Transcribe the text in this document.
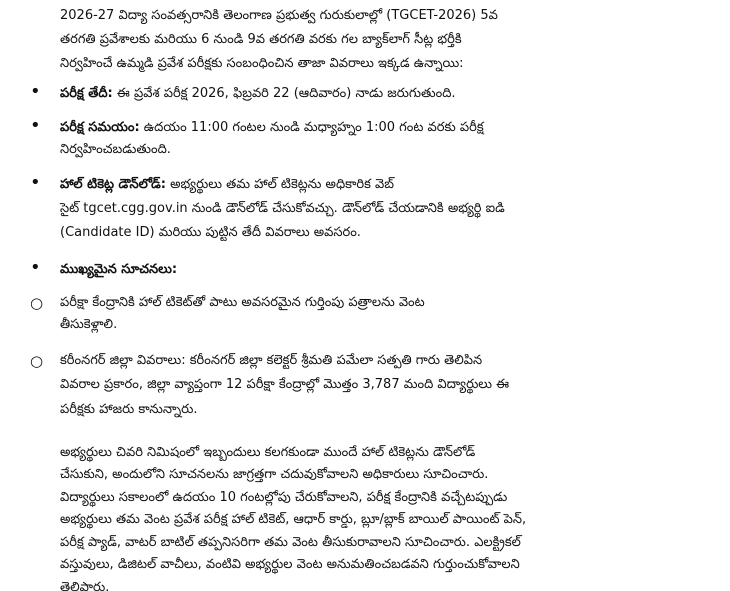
2026-27 విద్యా సంవత్సరానికి తెలంగాణ ప్రభుత్వ గురుకులాల్లో (TGCET-2026) 5వ
తరగతి ప్రవేశాలకు మరియు 6 నుండి 9వ తరగతి వరకు గల బ్యాక్‌లాగ్ సీట్ల భర్తీకి
నిర్వహించే ఉమ్మడి ప్రవేశ పరీక్షకు సంబంధించిన తాజా వివరాలు ఇక్కడ ఉన్నాయి:
• పరీక్ష తేదీ: ఈ ప్రవేశ పరీక్ష 2026, ఫిబ్రవరి 22 (ఆదివారం) నాడు జరుగుతుంది.
• పరీక్ష సమయం: ఉదయం 11:00 గంటల నుండి మధ్యాహ్నం 1:00 గంట వరకు పరీక్ష
నిర్వహించబడుతుంది.
• హాల్ టికెట్ల డౌన్‌లోడ్: అభ్యర్థులు తమ హాల్ టికెట్లను అధికారిక వెబ్
సైట్ tgcet.cgg.gov.in నుండి డౌన్‌లోడ్ చేసుకోవచ్చు. డౌన్‌లోడ్ చేయడానికి అభ్యర్థి ఐడి
(Candidate ID) మరియు పుట్టిన తేదీ వివరాలు అవసరం.
• ముఖ్యమైన సూచనలు:
○ పరీక్షా కేంద్రానికి హాల్ టికెట్‌తో పాటు అవసరమైన గుర్తింపు పత్రాలను వెంట
తీసుకెళ్లాలి.
○ కరీంనగర్ జిల్లా వివరాలు: కరీంనగర్ జిల్లా కలెక్టర్ శ్రీమతి పమేలా సత్పతి గారు తెలిపిన
వివరాల ప్రకారం, జిల్లా వ్యాప్తంగా 12 పరీక్షా కేంద్రాల్లో మొత్తం 3,787 మంది విద్యార్థులు ఈ
పరీక్షకు హాజరు కానున్నారు.
అభ్యర్థులు చివరి నిమిషంలో ఇబ్బందులు కలగకుండా ముందే హాల్ టికెట్లను డౌన్‌లోడ్
చేసుకుని, అందులోని సూచనలను జాగ్రత్తగా చదువుకోవాలని అధికారులు సూచించారు.
విద్యార్థులు సకాలంలో ఉదయం 10 గంటల్లోపు చేరుకోవాలని, పరీక్ష కేంద్రానికి వచ్చేటప్పుడు
అభ్యర్థులు తమ వెంట ప్రవేశ పరీక్ష హాల్ టికెట్, ఆధార్ కార్డు, బ్లూ/బ్లాక్ బాయిల్ పాయింట్ పెన్,
పరీక్ష ప్యాడ్, వాటర్ బాటిల్ తప్పనిసరిగా తమ వెంట తీసుకురావాలని సూచించారు. ఎలక్ట్రికల్
వస్తువులు, డిజిటల్ వాచీలు, వంటివి అభ్యర్థుల వెంట అనుమతించబడవని గుర్తుంచుకోవాలని
తెలిపారు.
